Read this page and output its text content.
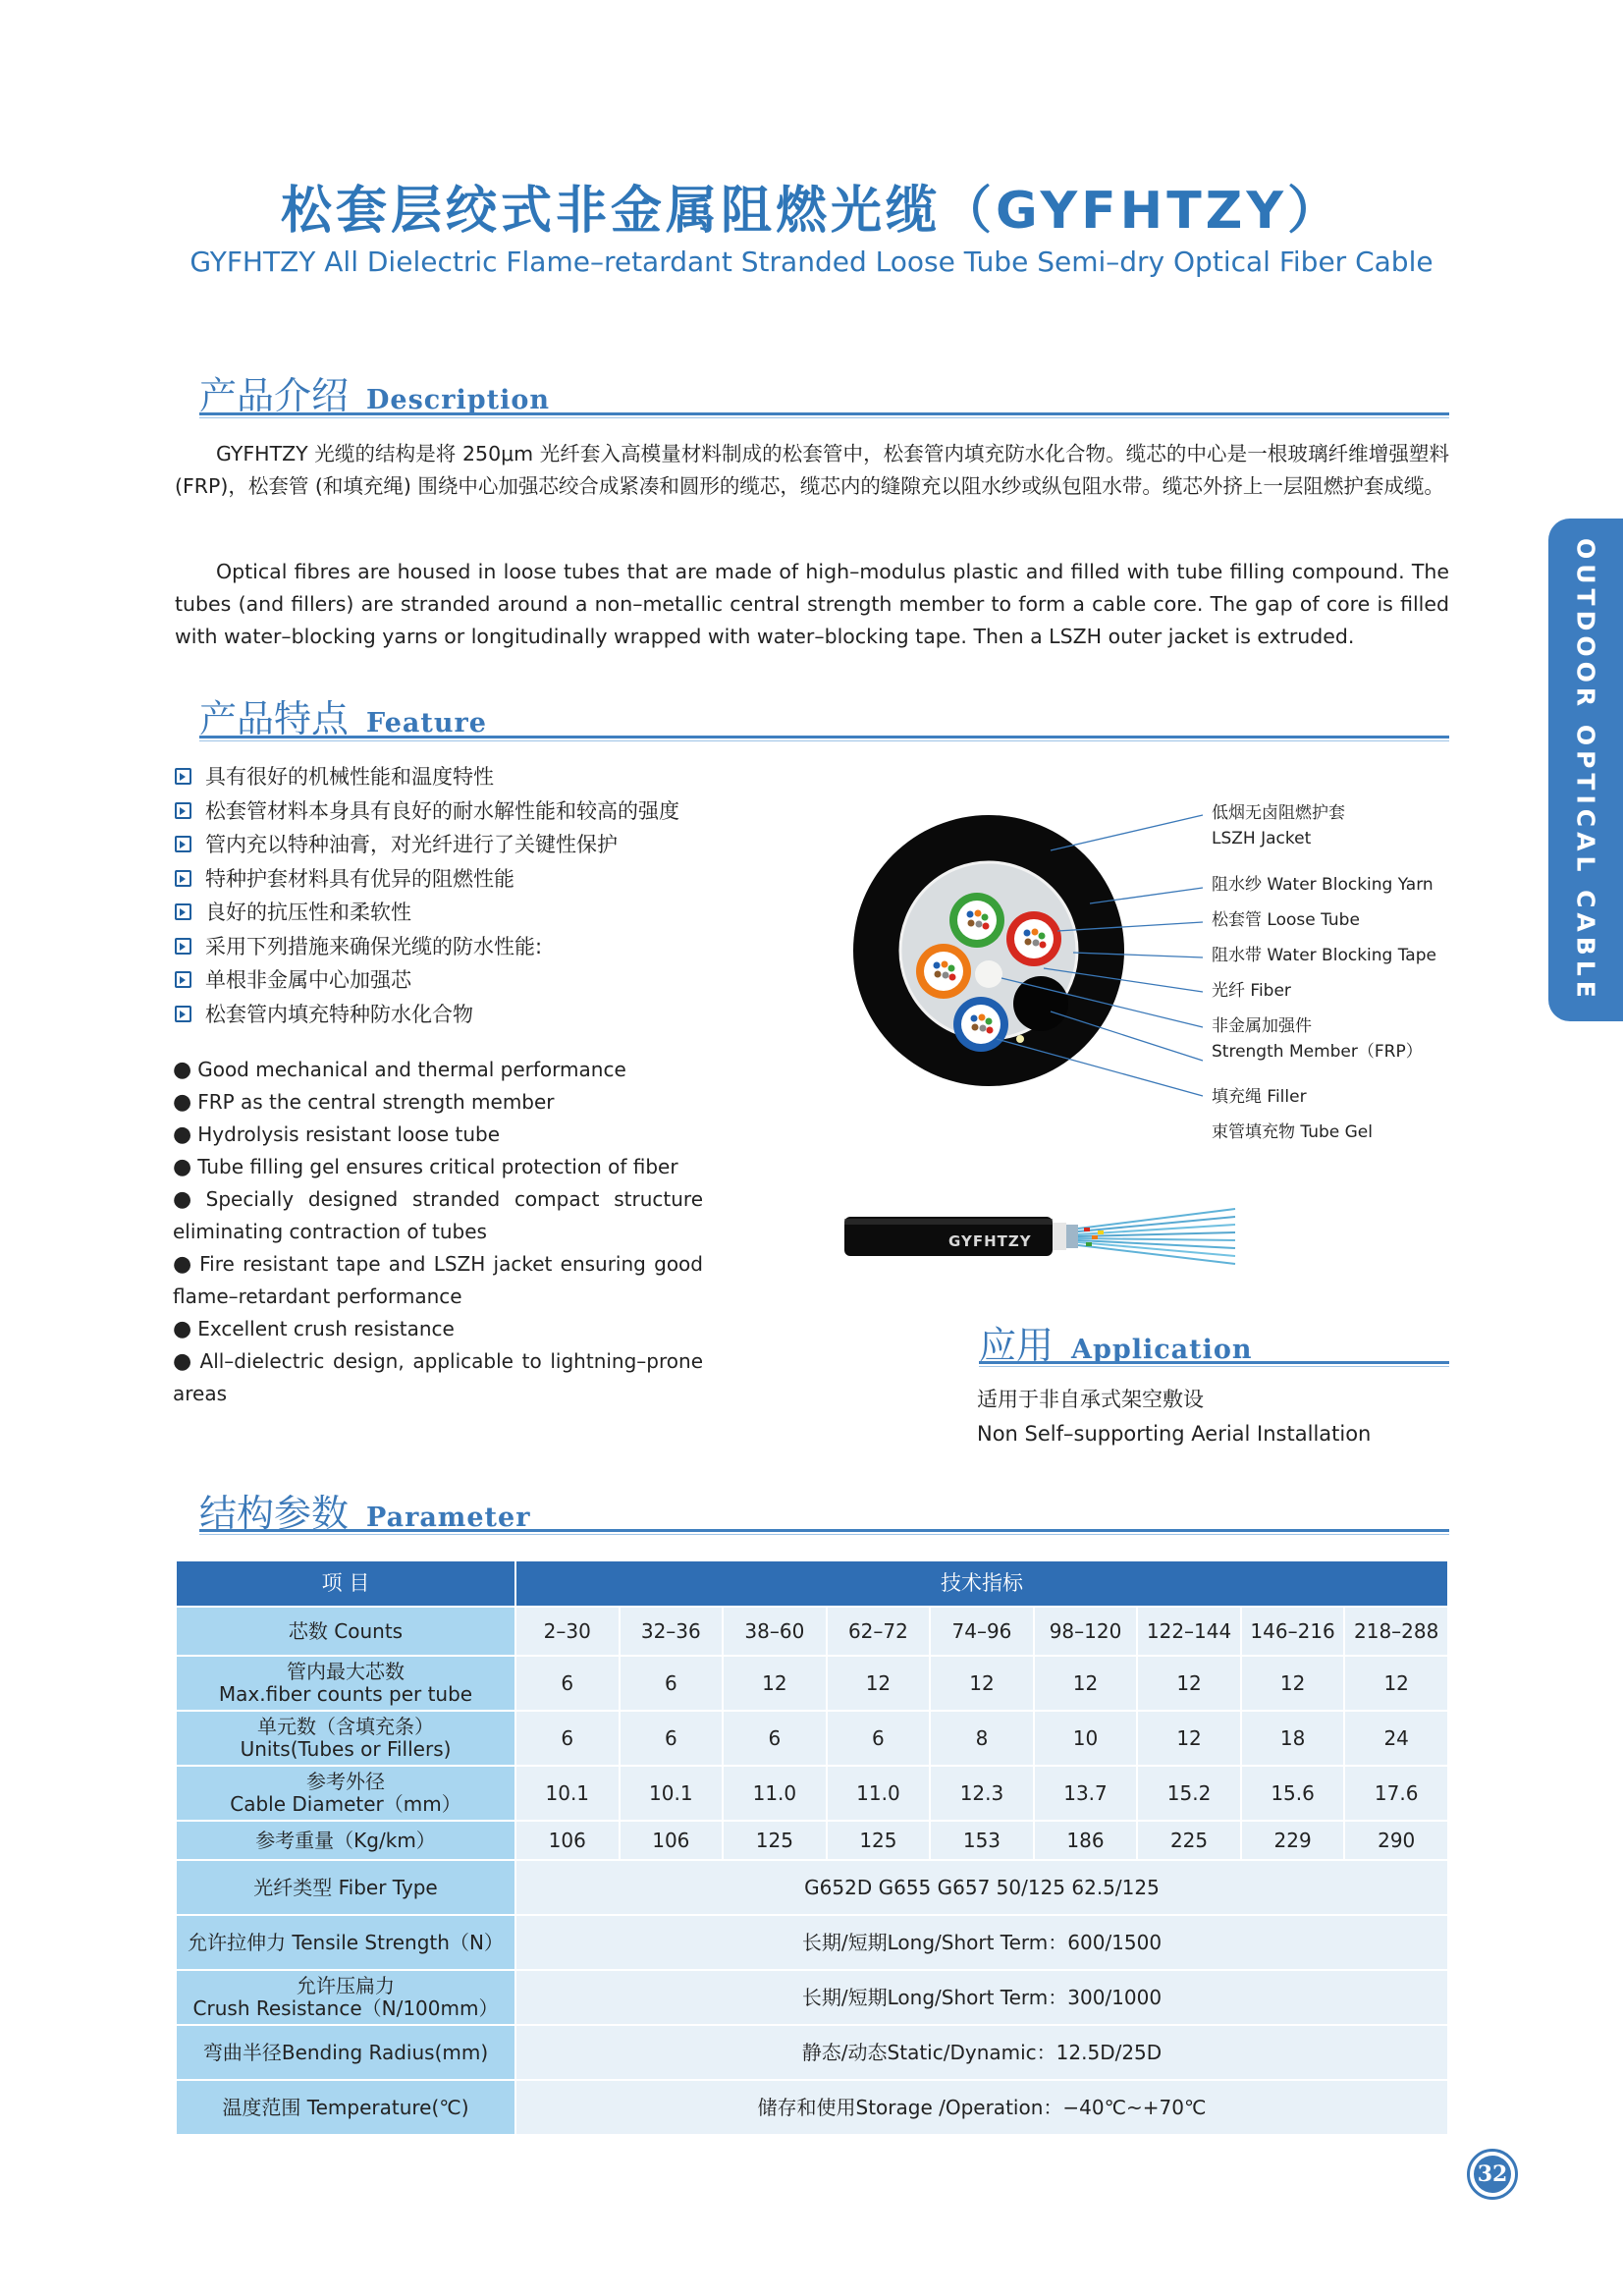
松套层绞式非金属阻燃光缆（GYFHTZY）
GYFHTZY All Dielectric Flame–retardant Stranded Loose Tube Semi–dry Optical Fiber Cable
OUTDOOR OPTICAL CABLE
产品介绍 Description
GYFHTZY 光缆的结构是将 250μm 光纤套入高模量材料制成的松套管中，松套管内填充防水化合物。缆芯的中心是一根玻璃纤维增强塑料 (FRP)，松套管 (和填充绳) 围绕中心加强芯绞合成紧凑和圆形的缆芯，缆芯内的缝隙充以阻水纱或纵包阻水带。缆芯外挤上一层阻燃护套成缆。
Optical fibres are housed in loose tubes that are made of high–modulus plastic and filled with tube filling compound. The tubes (and fillers) are stranded around a non–metallic central strength member to form a cable core. The gap of core is filled with water–blocking yarns or longitudinally wrapped with water–blocking tape. Then a LSZH outer jacket is extruded.
产品特点 Feature
具有很好的机械性能和温度特性
松套管材料本身具有良好的耐水解性能和较高的强度
管内充以特种油膏，对光纤进行了关键性保护
特种护套材料具有优异的阻燃性能
良好的抗压性和柔软性
采用下列措施来确保光缆的防水性能:
单根非金属中心加强芯
松套管内填充特种防水化合物
● Good mechanical and thermal performance
● FRP as the central strength member
● Hydrolysis resistant loose tube
● Tube filling gel ensures critical protection of fiber
● Specially designed stranded compact structure eliminating contraction of tubes
● Fire resistant tape and LSZH jacket ensuring good flame–retardant performance
● Excellent crush resistance
● All–dielectric design, applicable to lightning–prone areas
低烟无卤阻燃护套
LSZH Jacket
阻水纱 Water Blocking Yarn
松套管 Loose Tube
阻水带 Water Blocking Tape
光纤 Fiber
非金属加强件
Strength Member（FRP）
填充绳 Filler
束管填充物 Tube Gel
GYFHTZY
应用 Application
适用于非自承式架空敷设
Non Self–supporting Aerial Installation
结构参数 Parameter
项 目	技术指标								
芯数 Counts	2–30	32–36	38–60	62–72	74–96	98–120	122–144	146–216	218–288

管内最大芯数
Max.fiber counts per tube	6	6	12	12	12	12	12	12	12

单元数（含填充条）
Units(Tubes or Fillers)	6	6	6	6	8	10	12	18	24

参考外径
Cable Diameter（mm）	10.1	10.1	11.0	11.0	12.3	13.7	15.2	15.6	17.6
参考重量（Kg/km）	106	106	125	125	153	186	225	229	290
光纤类型 Fiber Type	G652D G655 G657 50/125 62.5/125								
允许拉伸力 Tensile Strength（N）	长期/短期Long/Short Term：600/1500								

允许压扁力
Crush Resistance（N/100mm）	长期/短期Long/Short Term：300/1000								
弯曲半径Bending Radius(mm)	静态/动态Static/Dynamic：12.5D/25D								
温度范围 Temperature(℃)	储存和使用Storage /Operation：−40℃~+70℃								
32
